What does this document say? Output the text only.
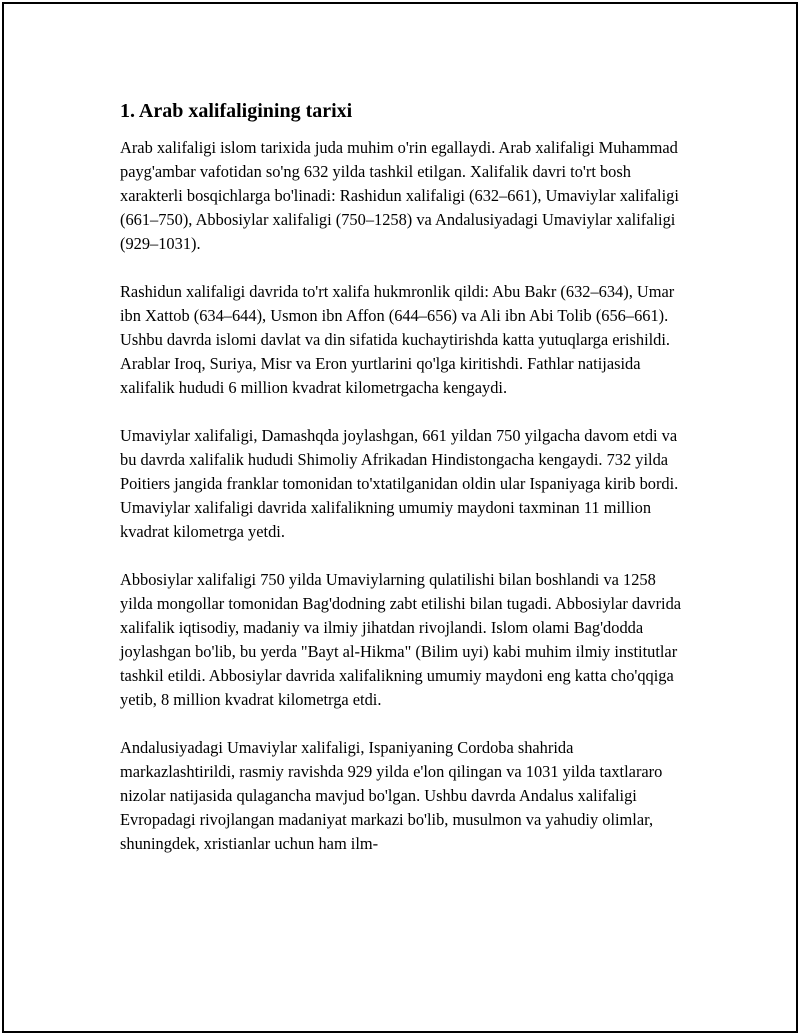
1. Arab xalifaligining tarixi

Arab xalifaligi islom tarixida juda muhim o'rin egallaydi. Arab xalifaligi Muhammad payg'ambar vafotidan so'ng 632 yilda tashkil etilgan. Xalifalik davri to'rt bosh xarakterli bosqichlarga bo'linadi: Rashidun xalifaligi (632–661), Umaviylar xalifaligi (661–750), Abbosiylar xalifaligi (750–1258) va Andalusiyadagi Umaviylar xalifaligi (929–1031).

Rashidun xalifaligi davrida to'rt xalifa hukmronlik qildi: Abu Bakr (632–634), Umar ibn Xattob (634–644), Usmon ibn Affon (644–656) va Ali ibn Abi Tolib (656–661). Ushbu davrda islomi davlat va din sifatida kuchaytirishda katta yutuqlarga erishildi. Arablar Iroq, Suriya, Misr va Eron yurtlarini qo'lga kiritishdi. Fathlar natijasida xalifalik hududi 6 million kvadrat kilometrgacha kengaydi.

Umaviylar xalifaligi, Damashqda joylashgan, 661 yildan 750 yilgacha davom etdi va bu davrda xalifalik hududi Shimoliy Afrikadan Hindistongacha kengaydi. 732 yilda Poitiers jangida franklar tomonidan to'xtatilganidan oldin ular Ispaniyaga kirib bordi. Umaviylar xalifaligi davrida xalifalikning umumiy maydoni taxminan 11 million kvadrat kilometrga yetdi.

Abbosiylar xalifaligi 750 yilda Umaviylarning qulatilishi bilan boshlandi va 1258 yilda mongollar tomonidan Bag'dodning zabt etilishi bilan tugadi. Abbosiylar davrida xalifalik iqtisodiy, madaniy va ilmiy jihatdan rivojlandi. Islom olami Bag'dodda joylashgan bo'lib, bu yerda "Bayt al-Hikma" (Bilim uyi) kabi muhim ilmiy institutlar tashkil etildi. Abbosiylar davrida xalifalikning umumiy maydoni eng katta cho'qqiga yetib, 8 million kvadrat kilometrga etdi.

Andalusiyadagi Umaviylar xalifaligi, Ispaniyaning Cordoba shahrida markazlashtirildi, rasmiy ravishda 929 yilda e'lon qilingan va 1031 yilda taxtlararo nizolar natijasida qulagancha mavjud bo'lgan. Ushbu davrda Andalus xalifaligi Evropadagi rivojlangan madaniyat markazi bo'lib, musulmon va yahudiy olimlar, shuningdek, xristianlar uchun ham ilm-
